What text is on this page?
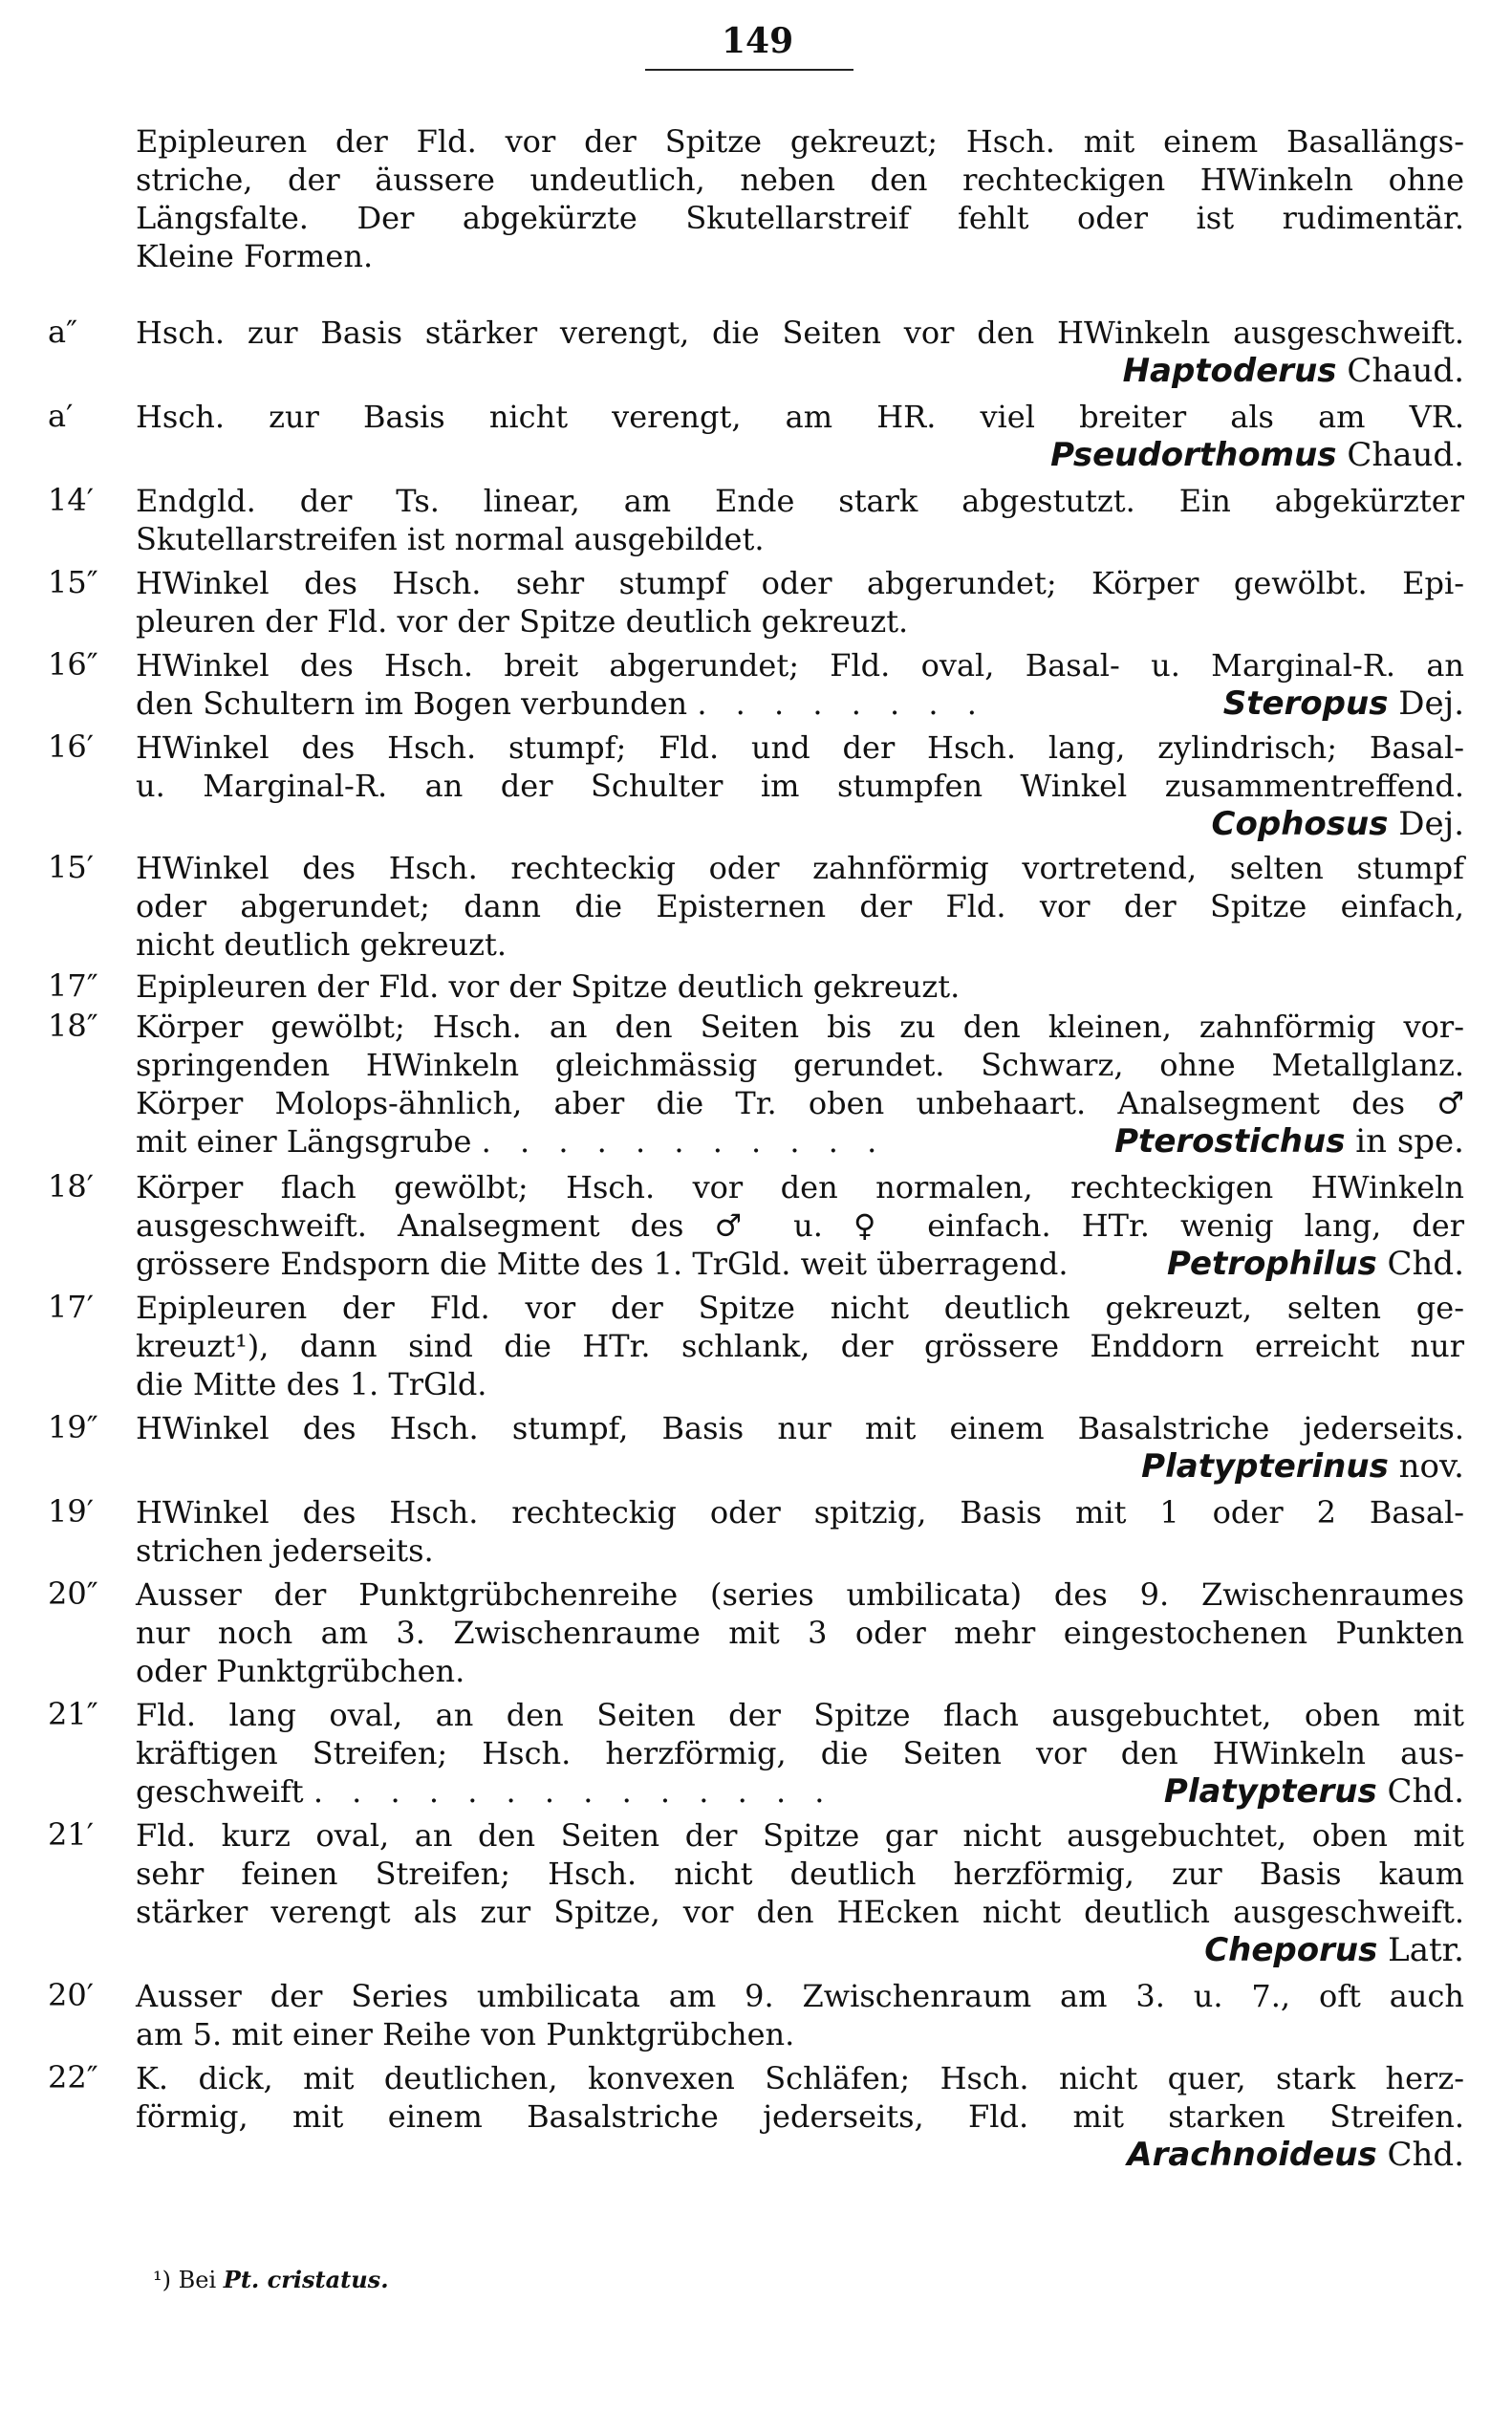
149
Epipleuren der Fld. vor der Spitze gekreuzt; Hsch. mit einem Basallängs-
striche, der äussere undeutlich, neben den rechteckigen HWinkeln ohne
Längsfalte. Der abgekürzte Skutellarstreif fehlt oder ist rudimentär.
Kleine Formen.
a″	Hsch. zur Basis stärker verengt, die Seiten vor den HWinkeln ausgeschweift.
Haptoderus Chaud.
a′	Hsch. zur Basis nicht verengt, am HR. viel breiter als am VR.
Pseudorthomus Chaud.
14′	Endgld. der Ts. linear, am Ende stark abgestutzt. Ein abgekürzter
Skutellarstreifen ist normal ausgebildet.
15″	HWinkel des Hsch. sehr stumpf oder abgerundet; Körper gewölbt. Epi-
pleuren der Fld. vor der Spitze deutlich gekreuzt.
16″	HWinkel des Hsch. breit abgerundet; Fld. oval, Basal- u. Marginal-R. an
den Schultern im Bogen verbunden . . . . . . . .	Steropus Dej.
16′	HWinkel des Hsch. stumpf; Fld. und der Hsch. lang, zylindrisch; Basal-
u. Marginal-R. an der Schulter im stumpfen Winkel zusammentreffend.
Cophosus Dej.
15′	HWinkel des Hsch. rechteckig oder zahnförmig vortretend, selten stumpf
oder abgerundet; dann die Episternen der Fld. vor der Spitze einfach,
nicht deutlich gekreuzt.
17″	Epipleuren der Fld. vor der Spitze deutlich gekreuzt.
18″	Körper gewölbt; Hsch. an den Seiten bis zu den kleinen, zahnförmig vor-
springenden HWinkeln gleichmässig gerundet. Schwarz, ohne Metallglanz.
Körper Molops-ähnlich, aber die Tr. oben unbehaart. Analsegment des ♂
mit einer Längsgrube . . . . . . . . . . .	Pterostichus in spe.
18′	Körper flach gewölbt; Hsch. vor den normalen, rechteckigen HWinkeln
ausgeschweift. Analsegment des ♂ u. ♀ einfach. HTr. wenig lang, der
grössere Endsporn die Mitte des 1. TrGld. weit überragend.	Petrophilus Chd.
17′	Epipleuren der Fld. vor der Spitze nicht deutlich gekreuzt, selten ge-
kreuzt¹), dann sind die HTr. schlank, der grössere Enddorn erreicht nur
die Mitte des 1. TrGld.
19″	HWinkel des Hsch. stumpf, Basis nur mit einem Basalstriche jederseits.
Platypterinus nov.
19′	HWinkel des Hsch. rechteckig oder spitzig, Basis mit 1 oder 2 Basal-
strichen jederseits.
20″	Ausser der Punktgrübchenreihe (series umbilicata) des 9. Zwischenraumes
nur noch am 3. Zwischenraume mit 3 oder mehr eingestochenen Punkten
oder Punktgrübchen.
21″	Fld. lang oval, an den Seiten der Spitze flach ausgebuchtet, oben mit
kräftigen Streifen; Hsch. herzförmig, die Seiten vor den HWinkeln aus-
geschweift . . . . . . . . . . . . . .	Platypterus Chd.
21′	Fld. kurz oval, an den Seiten der Spitze gar nicht ausgebuchtet, oben mit
sehr feinen Streifen; Hsch. nicht deutlich herzförmig, zur Basis kaum
stärker verengt als zur Spitze, vor den HEcken nicht deutlich ausgeschweift.
Cheporus Latr.
20′	Ausser der Series umbilicata am 9. Zwischenraum am 3. u. 7., oft auch
am 5. mit einer Reihe von Punktgrübchen.
22″	K. dick, mit deutlichen, konvexen Schläfen; Hsch. nicht quer, stark herz-
förmig, mit einem Basalstriche jederseits, Fld. mit starken Streifen.
Arachnoideus Chd.
¹) Bei Pt. cristatus.
